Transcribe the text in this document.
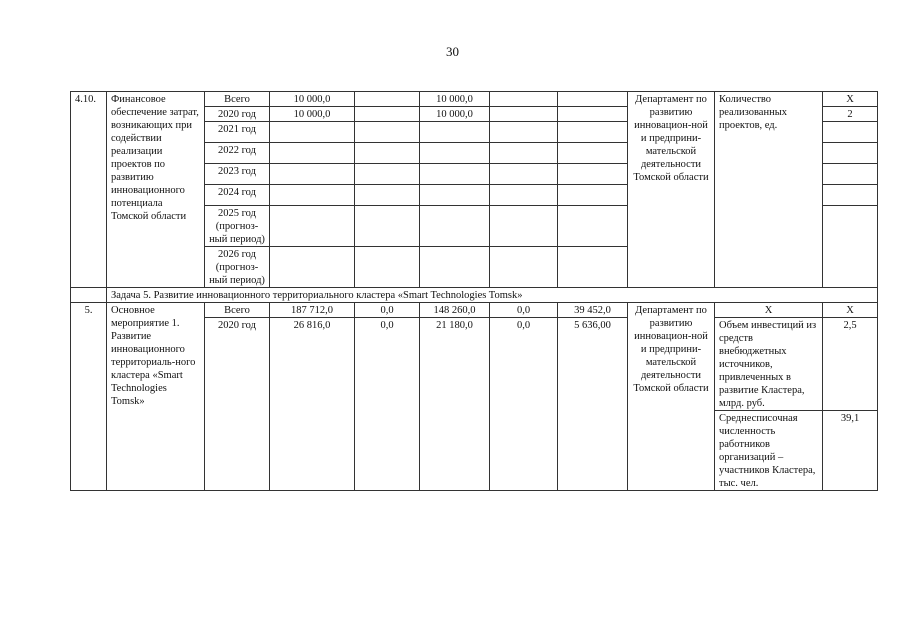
30
4.10.	Финансовое обеспечение затрат, возникающих при содействии реализации проектов по развитию инновационного потенциала Томской области	Всего	10 000,0		10 000,0			Департамент по развитию инновацион-ной и предприни-мательской деятельности Томской области	Количество реализованных проектов, ед.	Х
		2020 год	10 000,0		10 000,0					2
		2021 год								
		2022 год								
		2023 год								
		2024 год								
		2025 год (прогноз-ный период)								
		2026 год (прогноз-ный период)								
	Задача 5. Развитие инновационного территориального кластера «Smart Technologies Tomsk»									
5.	Основное мероприятие 1. Развитие инновационного территориаль-ного кластера «Smart Technologies Tomsk»	Всего	187 712,0	0,0	148 260,0	0,0	39 452,0	Департамент по развитию инновацион-ной и предприни-мательской деятельности Томской области	Х	Х
		2020 год	26 816,0	0,0	21 180,0	0,0	5 636,00		Объем инвестиций из средств внебюджетных источников, привлеченных в развитие Кластера, млрд. руб.	2,5
									Среднесписочная численность работников организаций – участников Кластера, тыс. чел.	39,1
